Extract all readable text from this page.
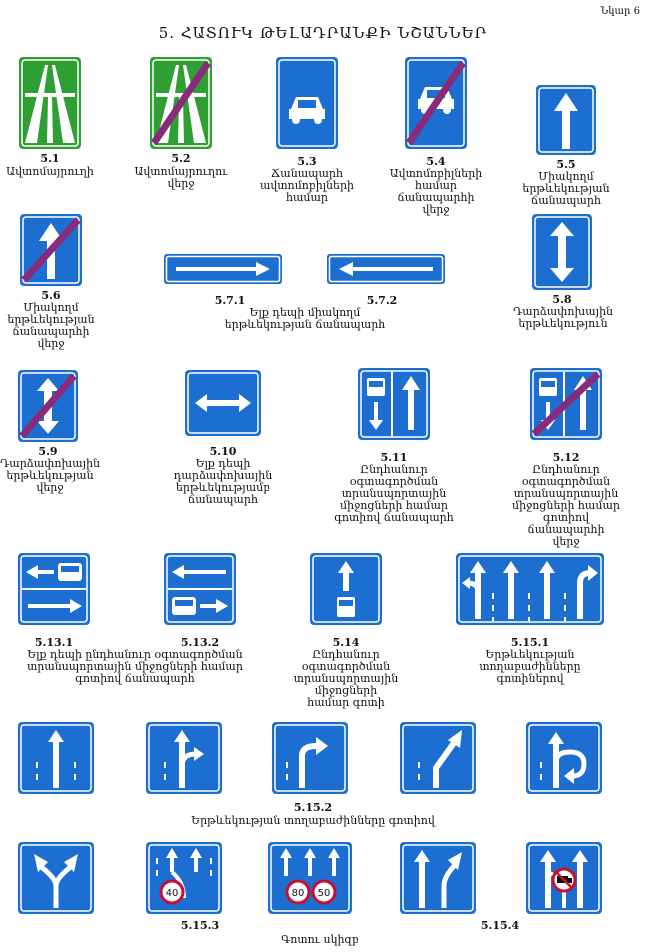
Նկար 6
5. ՀԱՏՈՒԿ ԹԵԼԱԴՐԱՆՔԻ ՆՇԱՆՆԵՐ
5.1
Ավտոմայրուղի
5.2
Ավտոմայրուղու
վերջ
5.3
Ճանապարհ
ավտոմոբիլների
համար
5.4
Ավտոմոբիլների
համար
ճանապարհի
վերջ
5.5
Միակողմ
երթևեկության
ճանապարհ
5.6
Միակողմ
երթևեկության
ճանապարհի
վերջ
5.7.1	5.7.2
Ելք դեպի միակողմ
երթևեկության ճանապարհ
5.8
Դարձափոխային
երթևեկություն
5.9
Դարձափոխային
երթևեկության
վերջ
5.10
Ելք դեպի
դարձափոխային
երթևեկությամբ
ճանապարհ
5.11
Ընդհանուր
օգտագործման
տրանսպորտային
միջոցների համար
գոտիով ճանապարհ
5.12
Ընդհանուր
օգտագործման
տրանսպորտային
միջոցների համար
գոտիով ճանապարհի
վերջ
5.13.1	5.13.2
Ելք դեպի ընդհանուր օգտագործման
տրանսպորտային միջոցների համար
գոտիով ճանապարհ
5.14
Ընդհանուր
օգտագործման
տրանսպորտային
միջոցների
համար գոտի
5.15.1
Երթևեկության
տողաբաժինները գոտիներով
5.15.2
Երթևեկության տողաբաժինները գոտիով
40	80 50
5.15.3	5.15.4
Գոտու սկիզբ
